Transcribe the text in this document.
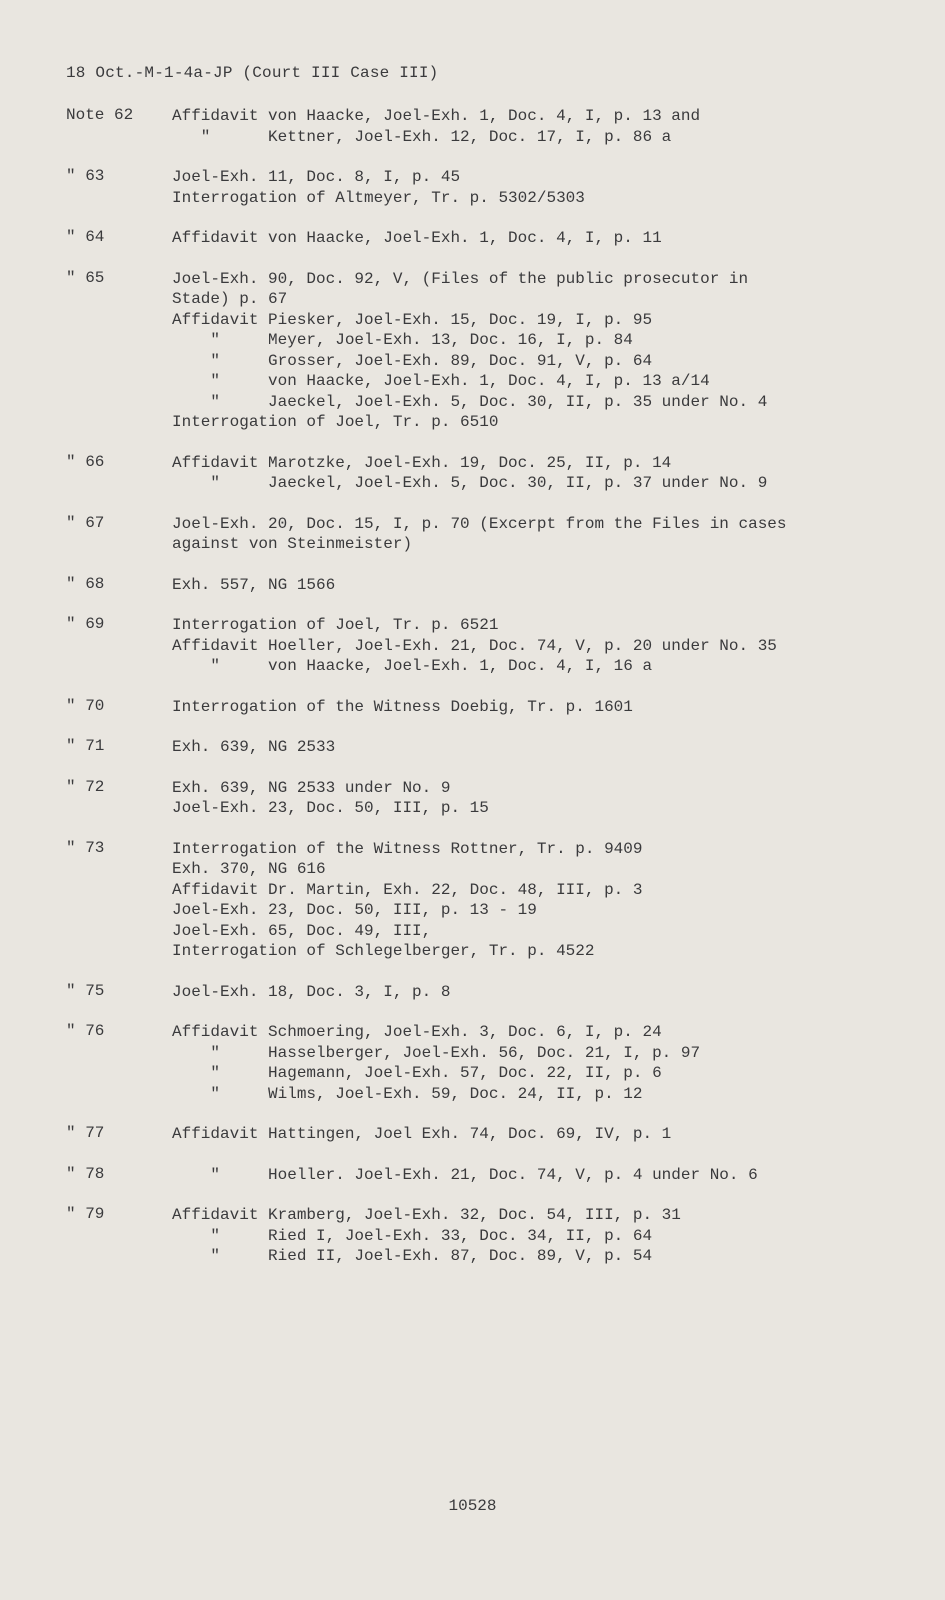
18 Oct.-M-1-4a-JP (Court III Case III)
Note 62	Affidavit von Haacke, Joel-Exh. 1, Doc. 4, I, p. 13 and
"      Kettner, Joel-Exh. 12, Doc. 17, I, p. 86 a
" 63	Joel-Exh. 11, Doc. 8, I, p. 45
Interrogation of Altmeyer, Tr. p. 5302/5303
" 64	Affidavit von Haacke, Joel-Exh. 1, Doc. 4, I, p. 11
" 65	Joel-Exh. 90, Doc. 92, V, (Files of the public prosecutor in
Stade) p. 67
Affidavit Piesker, Joel-Exh. 15, Doc. 19, I, p. 95
"     Meyer, Joel-Exh. 13, Doc. 16, I, p. 84
"     Grosser, Joel-Exh. 89, Doc. 91, V, p. 64
"     von Haacke, Joel-Exh. 1, Doc. 4, I, p. 13 a/14
"     Jaeckel, Joel-Exh. 5, Doc. 30, II, p. 35 under No. 4
Interrogation of Joel, Tr. p. 6510
" 66	Affidavit Marotzke, Joel-Exh. 19, Doc. 25, II, p. 14
"     Jaeckel, Joel-Exh. 5, Doc. 30, II, p. 37 under No. 9
" 67	Joel-Exh. 20, Doc. 15, I, p. 70 (Excerpt from the Files in cases
against von Steinmeister)
" 68	Exh. 557, NG 1566
" 69	Interrogation of Joel, Tr. p. 6521
Affidavit Hoeller, Joel-Exh. 21, Doc. 74, V, p. 20 under No. 35
"     von Haacke, Joel-Exh. 1, Doc. 4, I, 16 a
" 70	Interrogation of the Witness Doebig, Tr. p. 1601
" 71	Exh. 639, NG 2533
" 72	Exh. 639, NG 2533 under No. 9
Joel-Exh. 23, Doc. 50, III, p. 15
" 73	Interrogation of the Witness Rottner, Tr. p. 9409
Exh. 370, NG 616
Affidavit Dr. Martin, Exh. 22, Doc. 48, III, p. 3
Joel-Exh. 23, Doc. 50, III, p. 13 - 19
Joel-Exh. 65, Doc. 49, III,
Interrogation of Schlegelberger, Tr. p. 4522
" 75	Joel-Exh. 18, Doc. 3, I, p. 8
" 76	Affidavit Schmoering, Joel-Exh. 3, Doc. 6, I, p. 24
"     Hasselberger, Joel-Exh. 56, Doc. 21, I, p. 97
"     Hagemann, Joel-Exh. 57, Doc. 22, II, p. 6
"     Wilms, Joel-Exh. 59, Doc. 24, II, p. 12
" 77	Affidavit Hattingen, Joel Exh. 74, Doc. 69, IV, p. 1
" 78	"     Hoeller. Joel-Exh. 21, Doc. 74, V, p. 4 under No. 6
" 79	Affidavit Kramberg, Joel-Exh. 32, Doc. 54, III, p. 31
"     Ried I, Joel-Exh. 33, Doc. 34, II, p. 64
"     Ried II, Joel-Exh. 87, Doc. 89, V, p. 54
10528
